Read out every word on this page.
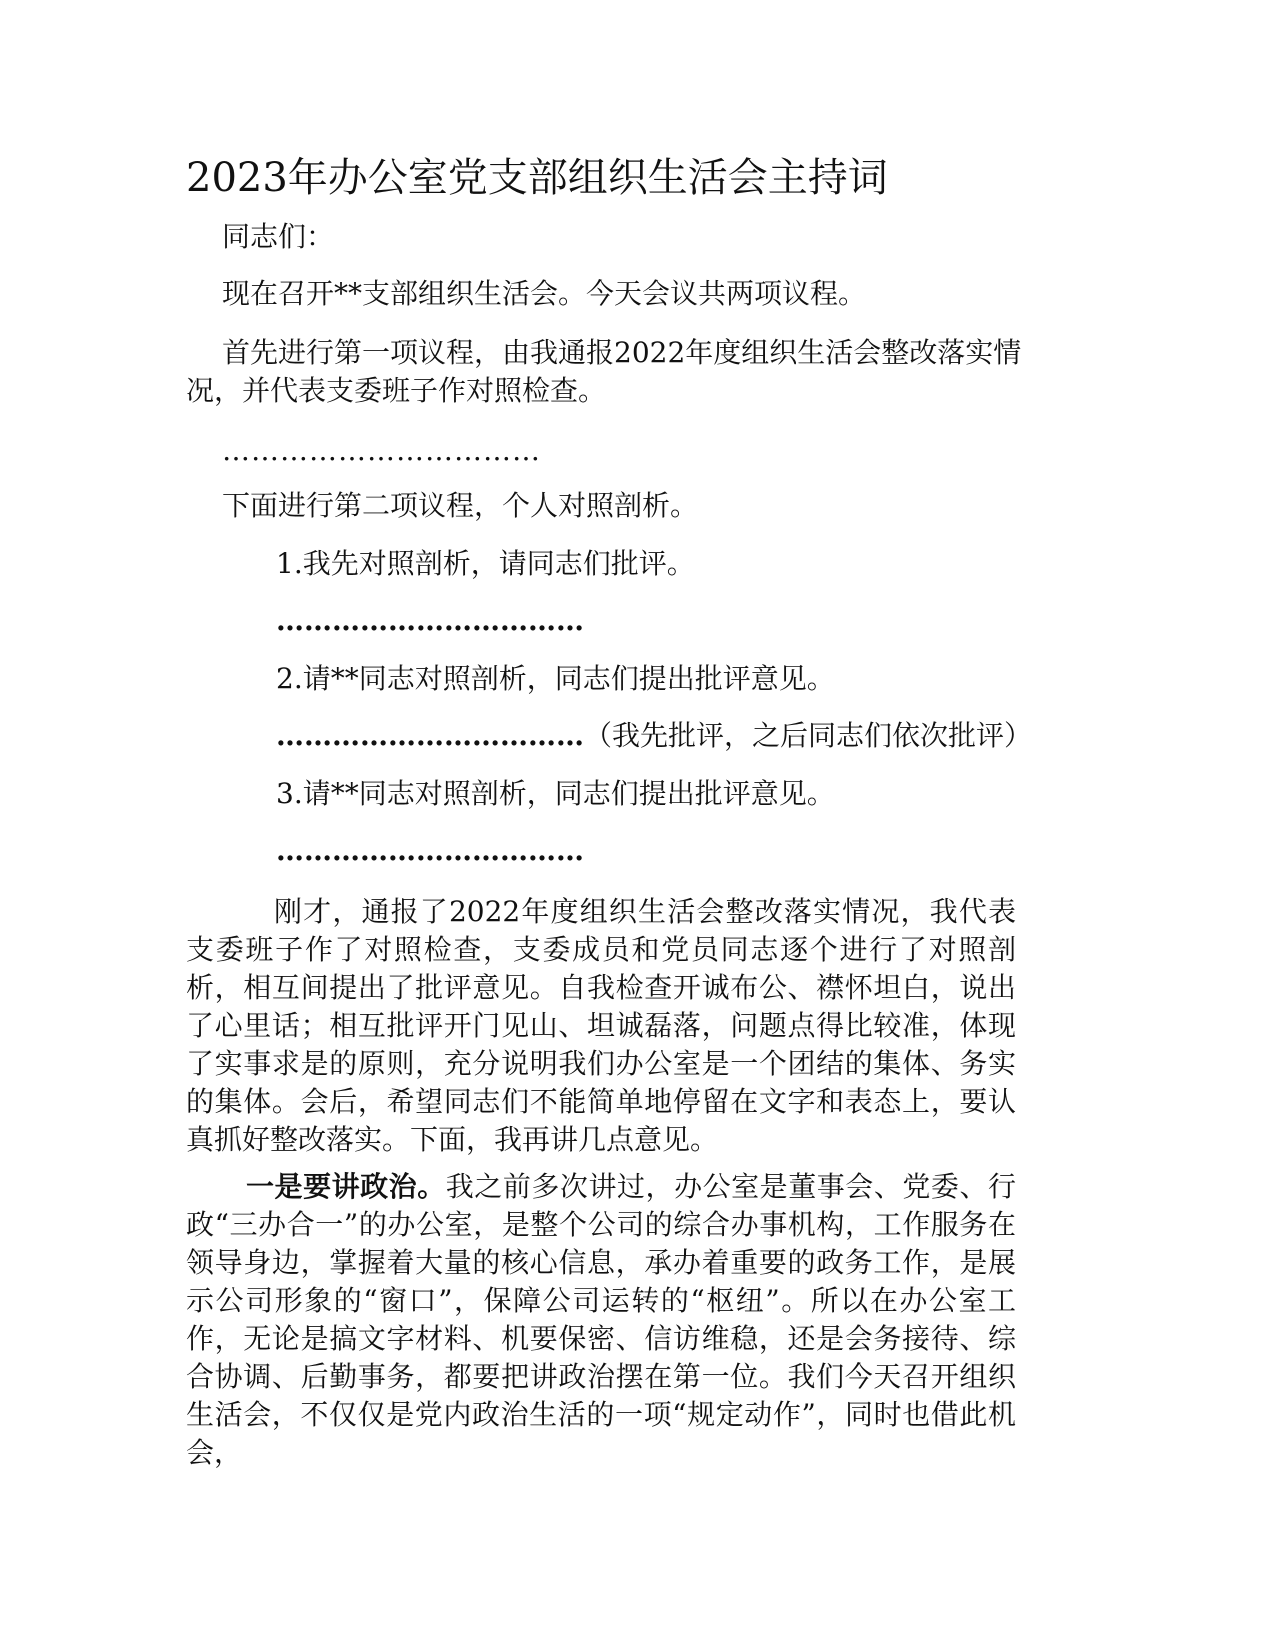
2023年办公室党支部组织生活会主持词

同志们：

现在召开**支部组织生活会。今天会议共两项议程。

首先进行第一项议程，由我通报2022年度组织生活会整改落实情

况，并代表支委班子作对照检查。

……………………………

下面进行第二项议程，个人对照剖析。

1.我先对照剖析，请同志们批评。

……………………………

2.请**同志对照剖析，同志们提出批评意见。

……………………………（我先批评，之后同志们依次批评）

3.请**同志对照剖析，同志们提出批评意见。

……………………………

刚才，通报了2022年度组织生活会整改落实情况，我代表支委班子作了对照检查，支委成员和党员同志逐个进行了对照剖析，相互间提出了批评意见。自我检查开诚布公、襟怀坦白，说出了心里话；相互批评开门见山、坦诚磊落，问题点得比较准，体现了实事求是的原则，充分说明我们办公室是一个团结的集体、务实的集体。会后，希望同志们不能简单地停留在文字和表态上，要认真抓好整改落实。下面，我再讲几点意见。

一是要讲政治。我之前多次讲过，办公室是董事会、党委、行政“三办合一”的办公室，是整个公司的综合办事机构，工作服务在领导身边，掌握着大量的核心信息，承办着重要的政务工作，是展示公司形象的“窗口”，保障公司运转的“枢纽”。所以在办公室工作，无论是搞文字材料、机要保密、信访维稳，还是会务接待、综合协调、后勤事务，都要把讲政治摆在第一位。我们今天召开组织生活会，不仅仅是党内政治生活的一项“规定动作”，同时也借此机会，
